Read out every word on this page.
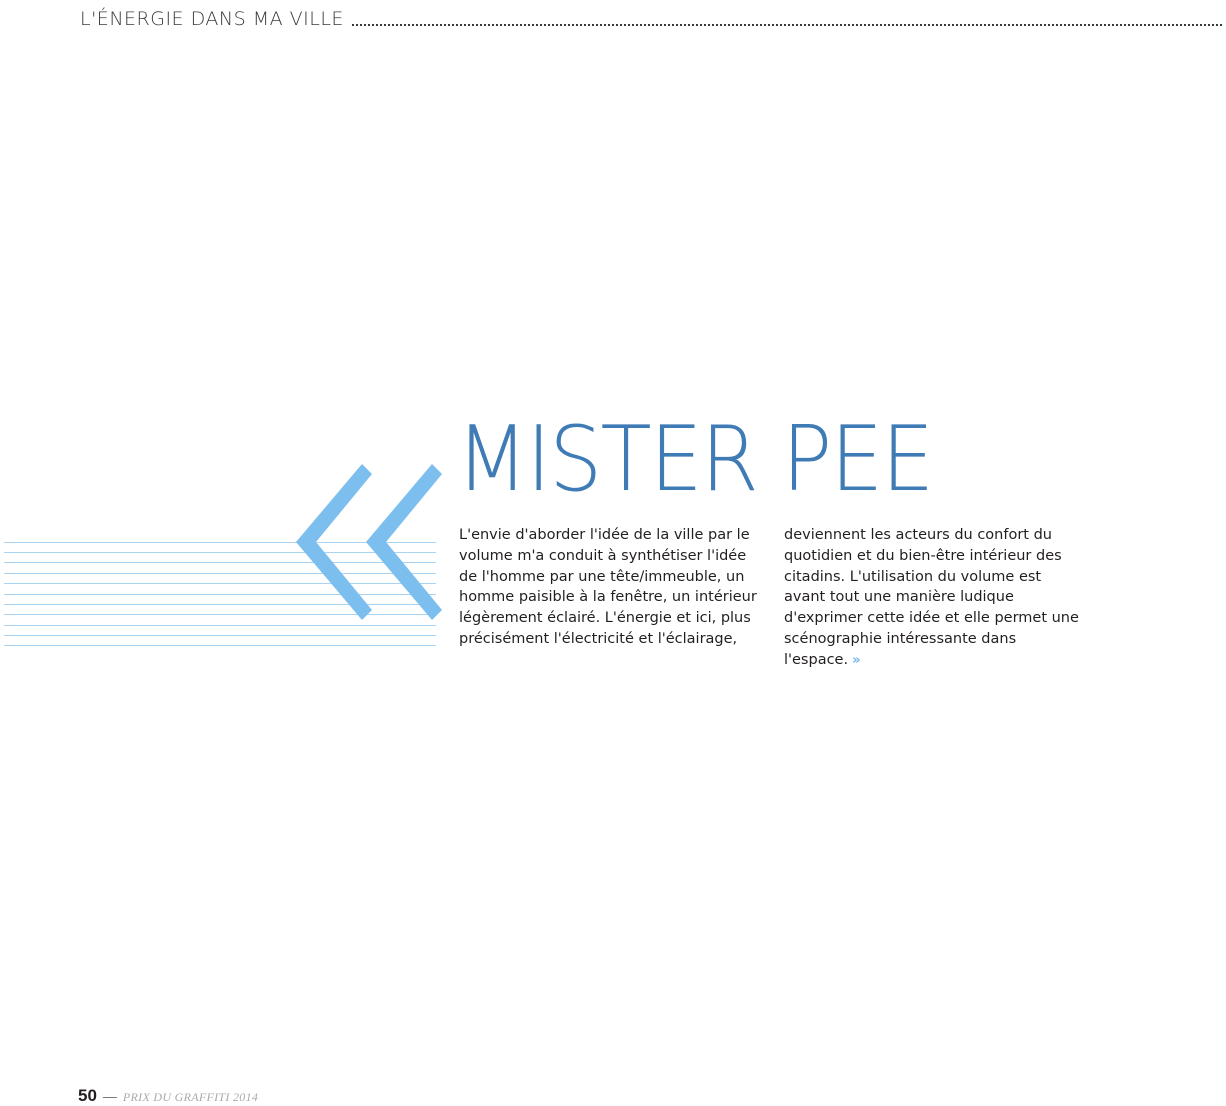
L'ÉNERGIE DANS MA VILLE
MISTER PEE

L'envie d'aborder l'idée de la ville par le volume m'a conduit à synthétiser l'idée de l'homme par une tête/immeuble, un homme paisible à la fenêtre, un intérieur légèrement éclairé. L'énergie et ici, plus précisément l'électricité et l'éclairage,

deviennent les acteurs du confort du quotidien et du bien-être intérieur des citadins. L'utilisation du volume est avant tout une manière ludique d'exprimer cette idée et elle permet une scénographie intéressante dans l'espace. »

50 — PRIX DU GRAFFITI 2014
